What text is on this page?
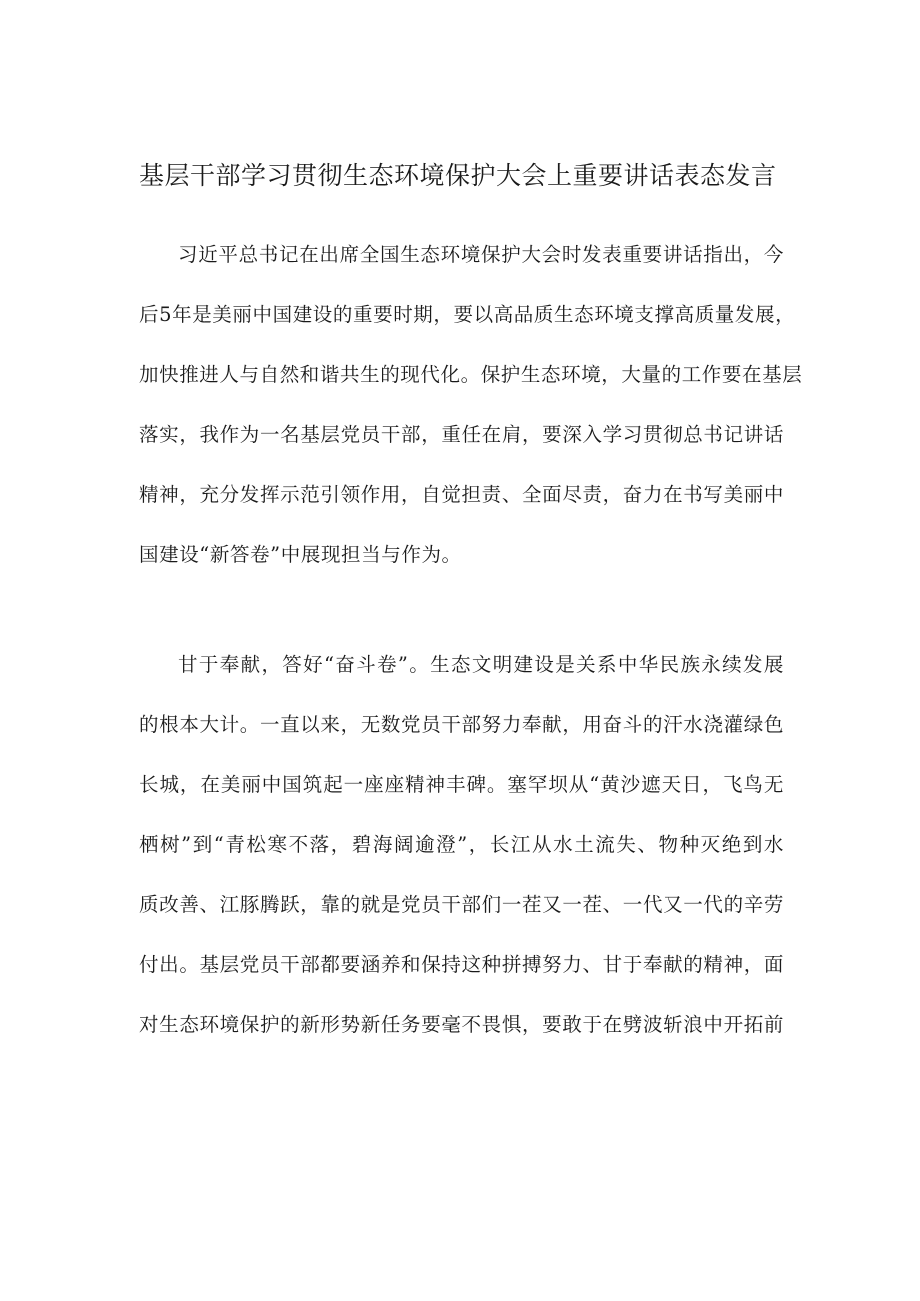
基层干部学习贯彻生态环境保护大会上重要讲话表态发言
习近平总书记在出席全国生态环境保护大会时发表重要讲话指出，今
后5年是美丽中国建设的重要时期，要以高品质生态环境支撑高质量发展，
加快推进人与自然和谐共生的现代化。保护生态环境，大量的工作要在基层
落实，我作为一名基层党员干部，重任在肩，要深入学习贯彻总书记讲话
精神，充分发挥示范引领作用，自觉担责、全面尽责，奋力在书写美丽中
国建设“新答卷”中展现担当与作为。
甘于奉献，答好“奋斗卷”。生态文明建设是关系中华民族永续发展
的根本大计。一直以来，无数党员干部努力奉献，用奋斗的汗水浇灌绿色
长城，在美丽中国筑起一座座精神丰碑。塞罕坝从“黄沙遮天日，飞鸟无
栖树”到“青松寒不落，碧海阔逾澄”，长江从水土流失、物种灭绝到水
质改善、江豚腾跃，靠的就是党员干部们一茬又一茬、一代又一代的辛劳
付出。基层党员干部都要涵养和保持这种拼搏努力、甘于奉献的精神，面
对生态环境保护的新形势新任务要毫不畏惧，要敢于在劈波斩浪中开拓前
